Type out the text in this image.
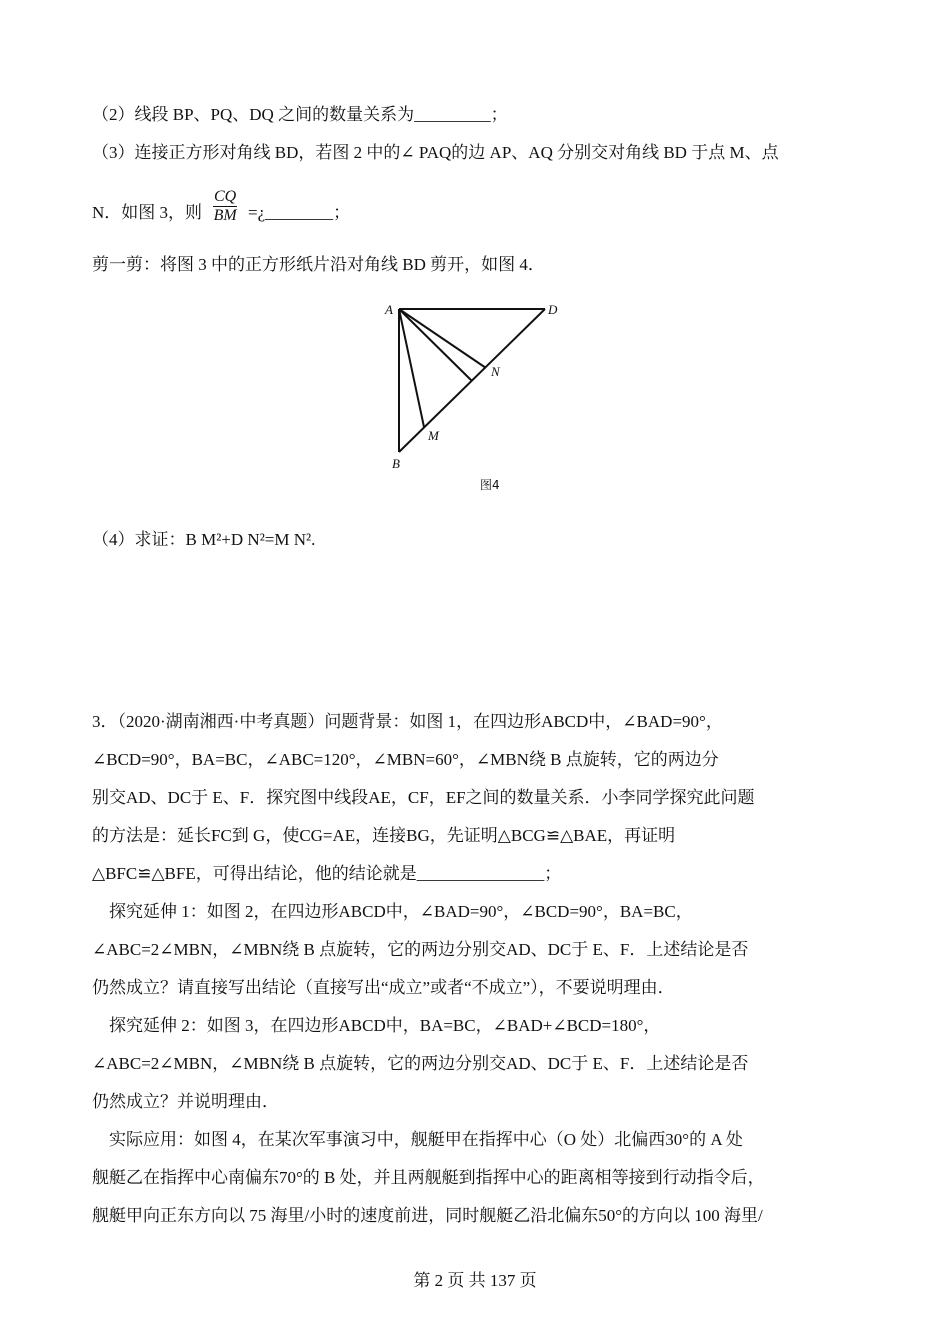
（2）线段 BP、PQ、DQ 之间的数量关系为_________；
（3）连接正方形对角线 BD，若图 2 中的∠ PAQ的边 AP、AQ 分别交对角线 BD 于点 M、点
N．如图 3，则 $\frac{CQ}{BM}$ =¿________；
剪一剪：将图 3 中的正方形纸片沿对角线 BD 剪开，如图 4．
A	D
N
M
B
图4
（4）求证：B M²+D N²=M N².
3．（2020·湖南湘西·中考真题）问题背景：如图 1，在四边形ABCD中，∠BAD=90°，
∠BCD=90°，BA=BC，∠ABC=120°，∠MBN=60°，∠MBN绕 B 点旋转，它的两边分
别交AD、DC于 E、F．探究图中线段AE，CF，EF之间的数量关系．小李同学探究此问题
的方法是：延长FC到 G，使CG=AE，连接BG，先证明△BCG≌△BAE，再证明
△BFC≌△BFE，可得出结论，他的结论就是_______________；
　探究延伸 1：如图 2，在四边形ABCD中，∠BAD=90°，∠BCD=90°，BA=BC，
∠ABC=2∠MBN，∠MBN绕 B 点旋转，它的两边分别交AD、DC于 E、F．上述结论是否
仍然成立？请直接写出结论（直接写出“成立”或者“不成立”），不要说明理由．
　探究延伸 2：如图 3，在四边形ABCD中，BA=BC，∠BAD+∠BCD=180°，
∠ABC=2∠MBN，∠MBN绕 B 点旋转，它的两边分别交AD、DC于 E、F．上述结论是否
仍然成立？并说明理由．
　实际应用：如图 4，在某次军事演习中，舰艇甲在指挥中心（O 处）北偏西30°的 A 处
舰艇乙在指挥中心南偏东70°的 B 处，并且两舰艇到指挥中心的距离相等接到行动指令后，
舰艇甲向正东方向以 75 海里/小时的速度前进，同时舰艇乙沿北偏东50°的方向以 100 海里/
第 2 页 共 137 页
